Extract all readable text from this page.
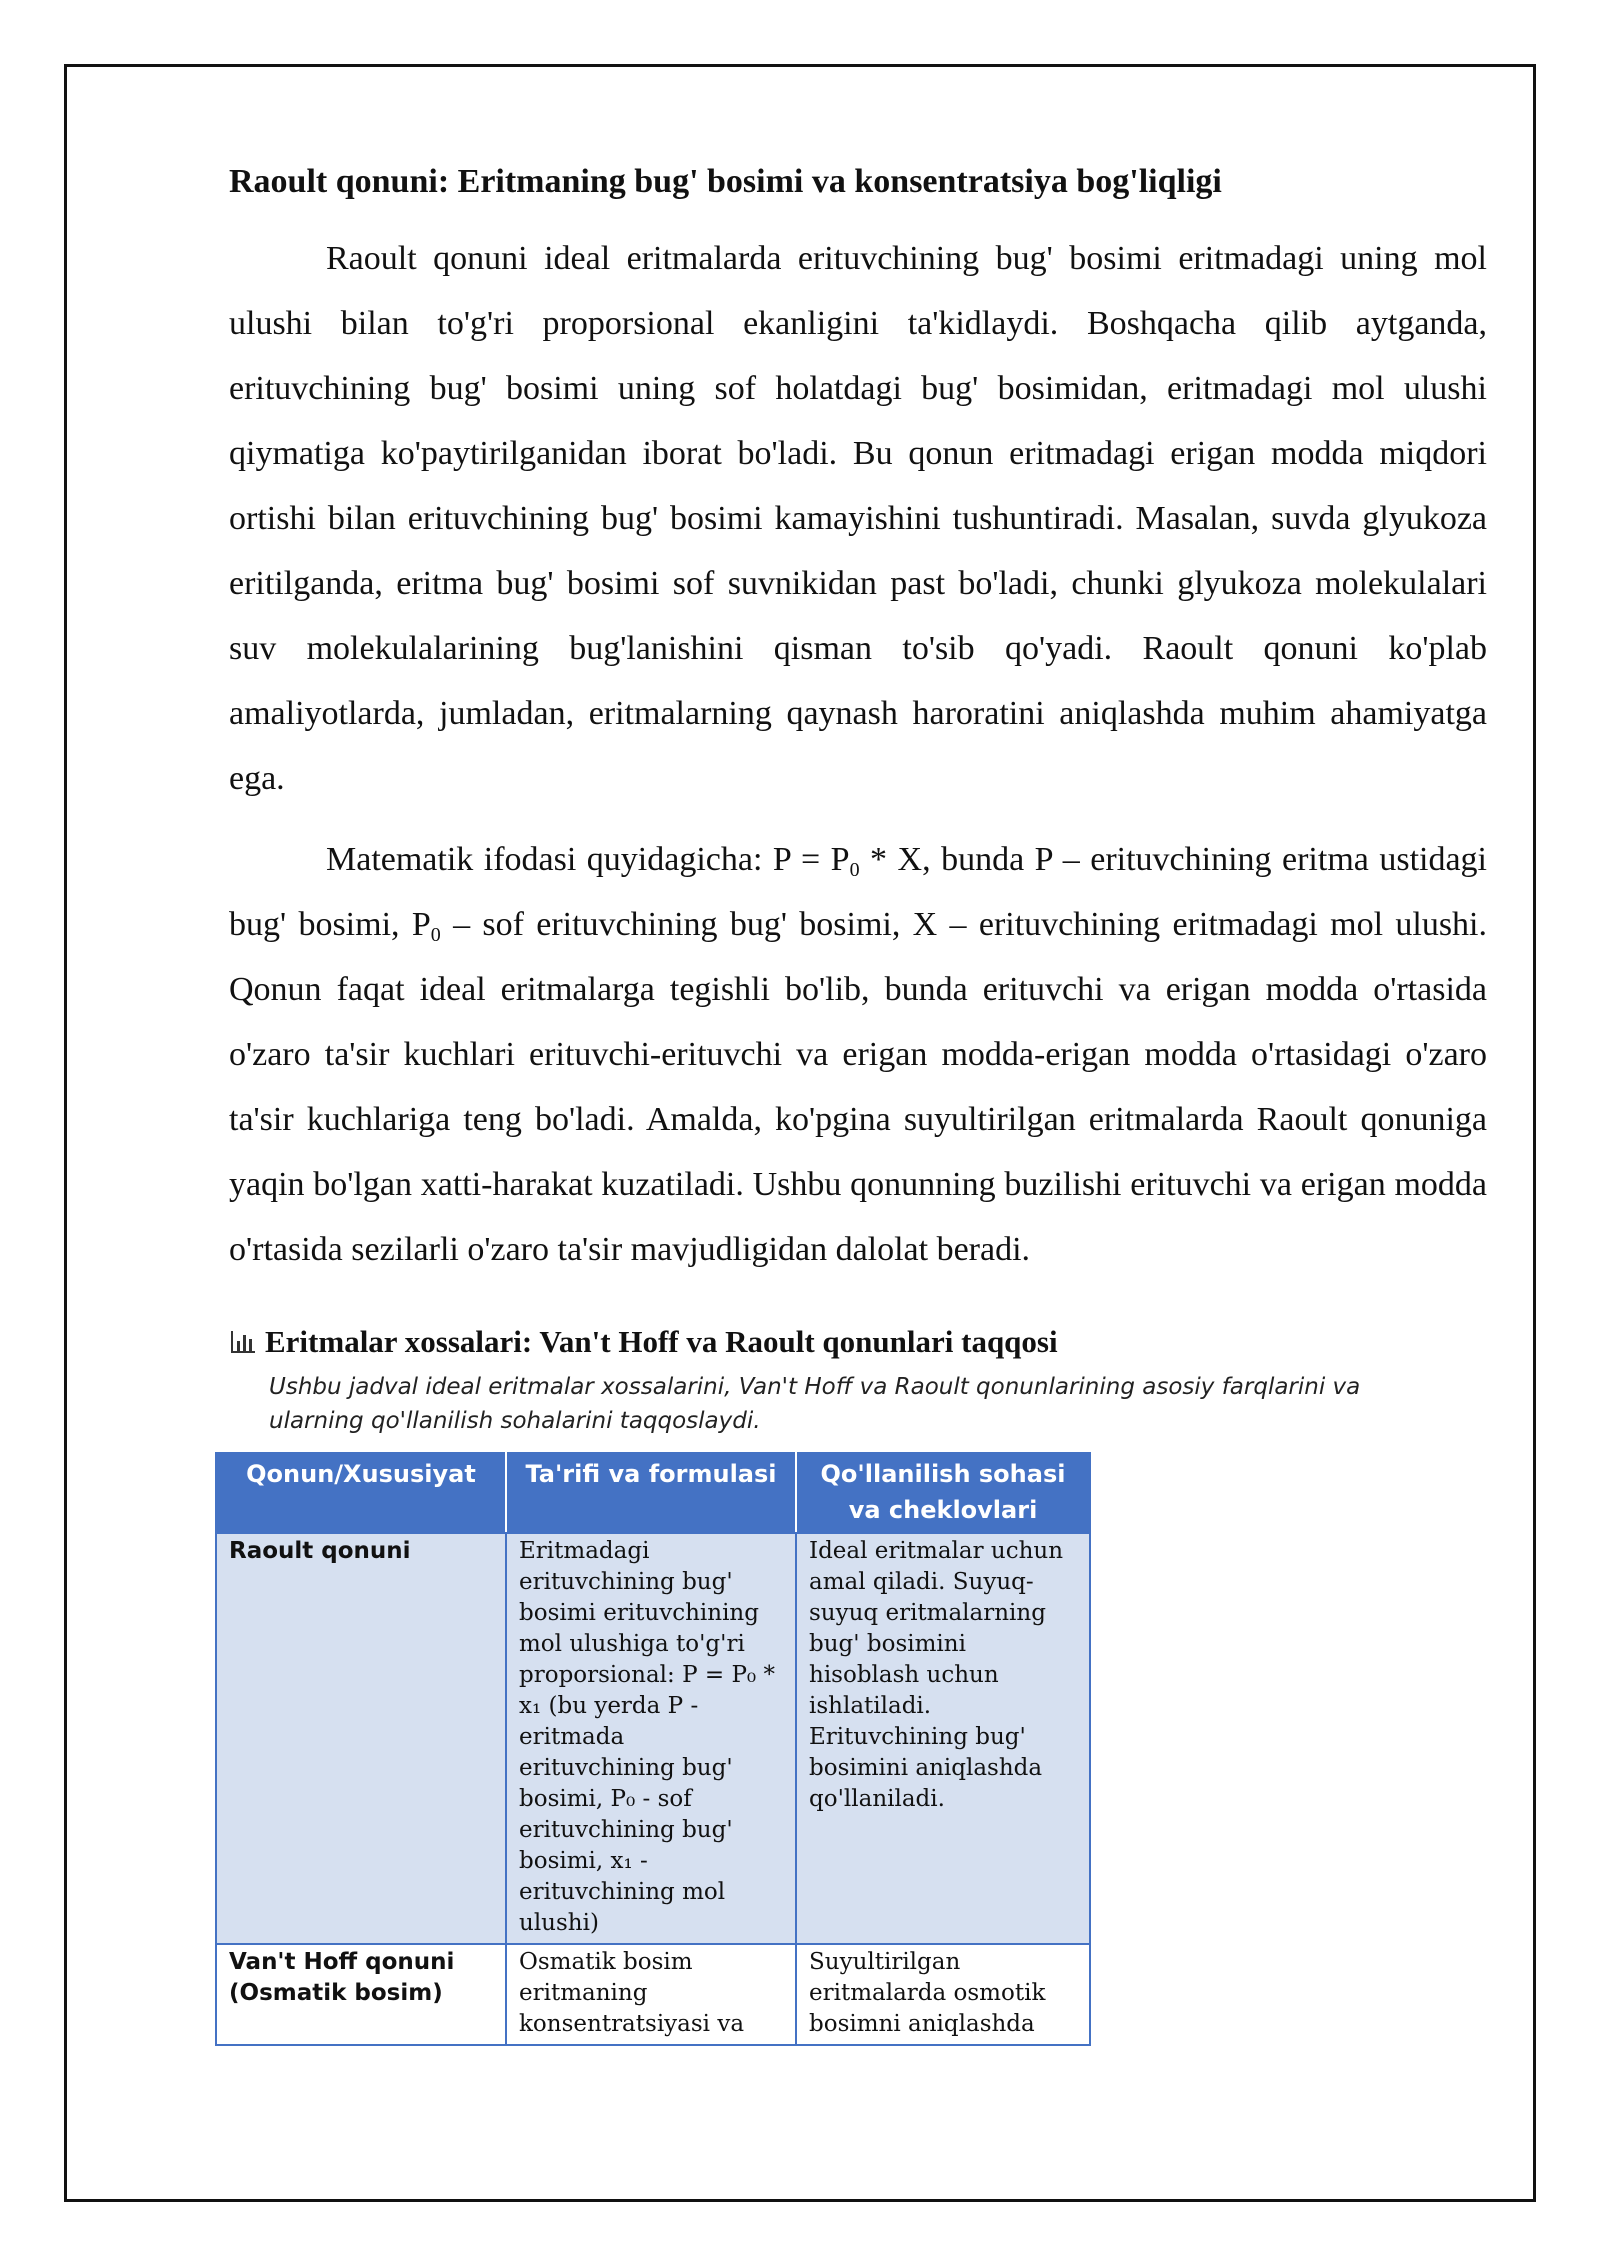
Raoult qonuni: Eritmaning bug' bosimi va konsentratsiya bog'liqligi

Raoult qonuni ideal eritmalarda erituvchining bug' bosimi eritmadagi uning mol ulushi bilan to'g'ri proporsional ekanligini ta'kidlaydi. Boshqacha qilib aytganda, erituvchining bug' bosimi uning sof holatdagi bug' bosimidan, eritmadagi mol ulushi qiymatiga ko'paytirilganidan iborat bo'ladi. Bu qonun eritmadagi erigan modda miqdori ortishi bilan erituvchining bug' bosimi kamayishini tushuntiradi. Masalan, suvda glyukoza eritilganda, eritma bug' bosimi sof suvnikidan past bo'ladi, chunki glyukoza molekulalari suv molekulalarining bug'lanishini qisman to'sib qo'yadi. Raoult qonuni ko'plab amaliyotlarda, jumladan, eritmalarning qaynash haroratini aniqlashda muhim ahamiyatga ega.

Matematik ifodasi quyidagicha: $P = P_0 * X$, bunda P – erituvchining eritma ustidagi bug' bosimi, $P_0$ – sof erituvchining bug' bosimi, X – erituvchining eritmadagi mol ulushi. Qonun faqat ideal eritmalarga tegishli bo'lib, bunda erituvchi va erigan modda o'rtasida o'zaro ta'sir kuchlari erituvchi-erituvchi va erigan modda-erigan modda o'rtasidagi o'zaro ta'sir kuchlariga teng bo'ladi. Amalda, ko'pgina suyultirilgan eritmalarda Raoult qonuniga yaqin bo'lgan xatti-harakat kuzatiladi. Ushbu qonunning buzilishi erituvchi va erigan modda o'rtasida sezilarli o'zaro ta'sir mavjudligidan dalolat beradi.

Eritmalar xossalari: Van't Hoff va Raoult qonunlari taqqosi
Ushbu jadval ideal eritmalar xossalarini, Van't Hoff va Raoult qonunlarining asosiy farqlarini va ularning qo'llanilish sohalarini taqqoslaydi.
Qonun/Xususiyat	Ta'rifi va formulasi	Qo'llanilish sohasi va cheklovlari
Raoult qonuni	Eritmadagi erituvchining bug' bosimi erituvchining mol ulushiga to'g'ri proporsional: P = P₀ * x₁ (bu yerda P - eritmada erituvchining bug' bosimi, P₀ - sof erituvchining bug' bosimi, x₁ - erituvchining mol ulushi)	Ideal eritmalar uchun amal qiladi. Suyuq-suyuq eritmalarning bug' bosimini hisoblash uchun ishlatiladi. Erituvchining bug' bosimini aniqlashda qo'llaniladi.

Van't Hoff qonuni (Osmatik bosim)	Osmatik bosim eritmaning konsentratsiyasi va	Suyultirilgan eritmalarda osmotik bosimni aniqlashda
